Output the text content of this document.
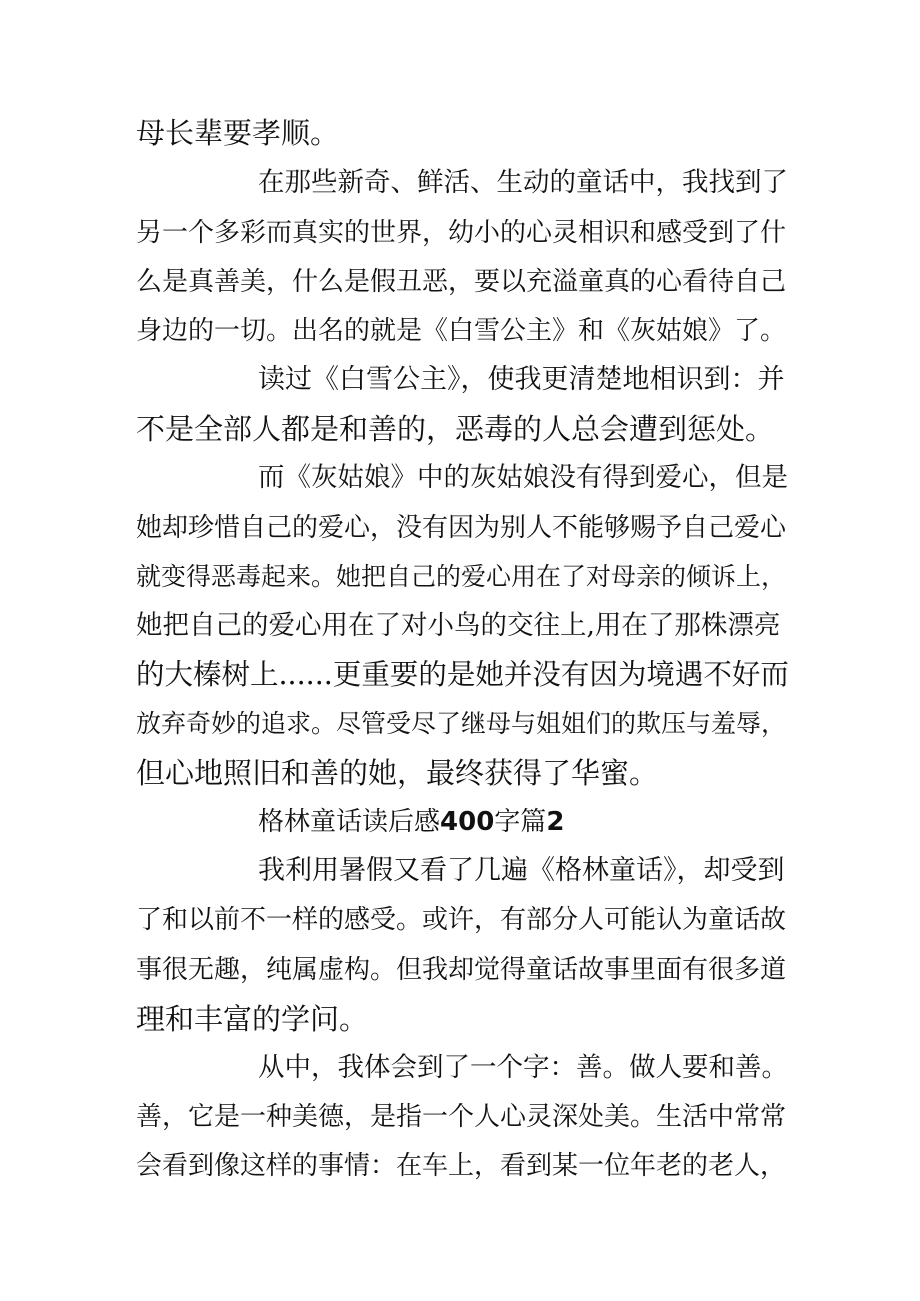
母长辈要孝顺。
在那些新奇、鲜活、生动的童话中，我找到了
另一个多彩而真实的世界，幼小的心灵相识和感受到了什
么是真善美，什么是假丑恶，要以充溢童真的心看待自己
身边的一切。出名的就是《白雪公主》和《灰姑娘》了。
读过《白雪公主》，使我更清楚地相识到：并
不是全部人都是和善的，恶毒的人总会遭到惩处。
而《灰姑娘》中的灰姑娘没有得到爱心，但是
她却珍惜自己的爱心，没有因为别人不能够赐予自己爱心
就变得恶毒起来。她把自己的爱心用在了对母亲的倾诉上，
她把自己的爱心用在了对小鸟的交往上,用在了那株漂亮
的大榛树上......更重要的是她并没有因为境遇不好而
放弃奇妙的追求。尽管受尽了继母与姐姐们的欺压与羞辱，
但心地照旧和善的她，最终获得了华蜜。
格林童话读后感400字篇2
我利用暑假又看了几遍《格林童话》，却受到
了和以前不一样的感受。或许，有部分人可能认为童话故
事很无趣，纯属虚构。但我却觉得童话故事里面有很多道
理和丰富的学问。
从中，我体会到了一个字：善。做人要和善。
善，它是一种美德，是指一个人心灵深处美。生活中常常
会看到像这样的事情：在车上，看到某一位年老的老人，
